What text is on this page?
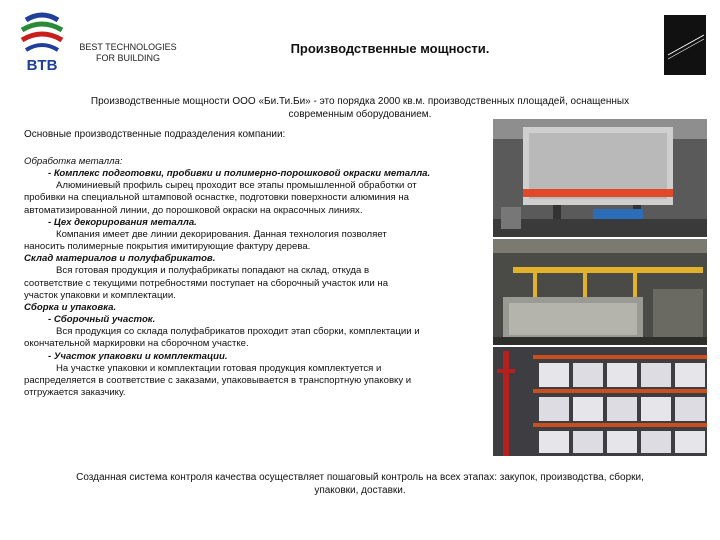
BTB
BEST TECHNOLOGIES
FOR BUILDING
Производственные мощности.
Производственные мощности ООО «Би.Ти.Би» - это порядка 2000 кв.м. производственных площадей, оснащенных
современным оборудованием.
Основные производственные подразделения компании:
Обработка металла:
- Комплекс подготовки, пробивки и полимерно-порошковой окраски металла.
Алюминиевый профиль сырец проходит все этапы промышленной обработки от
пробивки на специальной штамповой оснастке, подготовки поверхности алюминия на
автоматизированной линии, до порошковой окраски на окрасочных линиях.
- Цех декорирования металла.
Компания имеет две линии декорирования. Данная технология позволяет
наносить полимерные покрытия имитирующие фактуру дерева.
Склад материалов и полуфабрикатов.
Вся готовая продукция и полуфабрикаты попадают на склад, откуда в
соответствие с текущими потребностями поступает на сборочный участок или на
участок упаковки и комплектации.
Сборка и упаковка.
- Сборочный участок.
Вся продукция со склада полуфабрикатов проходит этап сборки, комплектации и
окончательной маркировки на сборочном участке.
- Участок упаковки и комплектации.
На участке упаковки и комплектации готовая продукция комплектуется и
распределяется в соответствие с заказами, упаковывается в транспортную упаковку и
отгружается заказчику.
Созданная система контроля качества осуществляет пошаговый контроль на всех этапах: закупок, производства, сборки,
упаковки, доставки.
